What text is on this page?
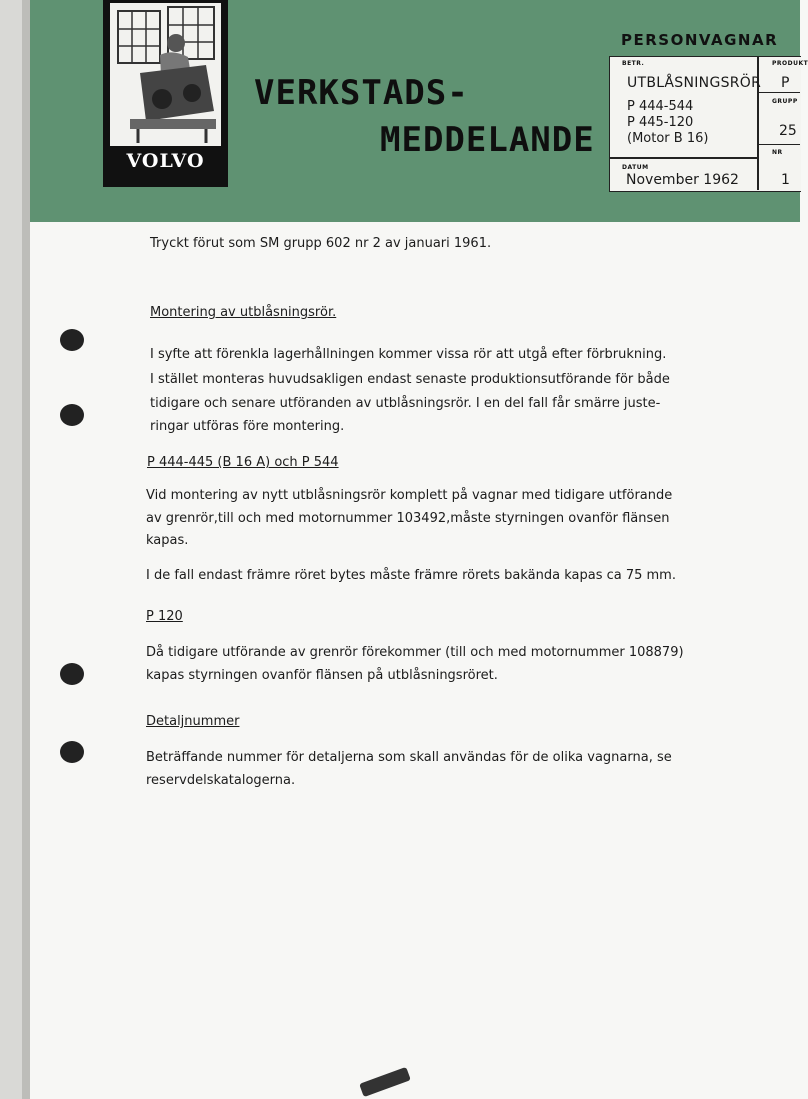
VOLVO
VERKSTADS-
MEDDELANDE
PERSONVAGNAR
BETR.	PRODUKT
GRUPP
NR
DATUM
UTBLÅSNINGSRÖR
P 444-544
P 445-120
(Motor B 16)
November 1962
P
25
1
Tryckt förut som SM grupp 602 nr 2 av januari 1961.
Montering av utblåsningsrör.
I syfte att förenkla lagerhållningen kommer vissa rör att utgå efter förbrukning.
I stället monteras huvudsakligen endast senaste produktionsutförande för både
tidigare och senare utföranden av utblåsningsrör. I en del fall får smärre juste-
ringar utföras före montering.
P 444-445 (B 16 A) och P 544
Vid montering av nytt utblåsningsrör komplett på vagnar med tidigare utförande
av grenrör,till och med motornummer 103492,måste styrningen ovanför flänsen
kapas.
I de fall endast främre röret bytes måste främre rörets bakända kapas ca 75 mm.
P 120
Då tidigare utförande av grenrör förekommer (till och med motornummer 108879)
kapas styrningen ovanför flänsen på utblåsningsröret.
Detaljnummer
Beträffande nummer för detaljerna som skall användas för de olika vagnarna, se
reservdelskatalogerna.
